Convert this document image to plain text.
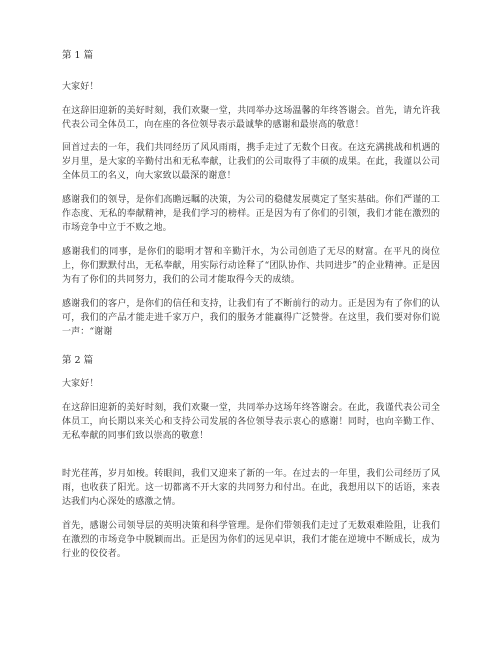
第 1 篇

大家好！

在这辞旧迎新的美好时刻，我们欢聚一堂，共同举办这场温馨的年终答谢会。首先，请允许我代表公司全体员工，向在座的各位领导表示最诚挚的感谢和最崇高的敬意！

回首过去的一年，我们共同经历了风风雨雨，携手走过了无数个日夜。在这充满挑战和机遇的岁月里，是大家的辛勤付出和无私奉献，让我们的公司取得了丰硕的成果。在此，我谨以公司全体员工的名义，向大家致以最深的谢意！

感谢我们的领导，是你们高瞻远瞩的决策，为公司的稳健发展奠定了坚实基础。你们严谨的工作态度、无私的奉献精神，是我们学习的榜样。正是因为有了你们的引领，我们才能在激烈的市场竞争中立于不败之地。

感谢我们的同事，是你们的聪明才智和辛勤汗水，为公司创造了无尽的财富。在平凡的岗位上，你们默默付出，无私奉献，用实际行动诠释了“团队协作、共同进步”的企业精神。正是因为有了你们的共同努力，我们的公司才能取得今天的成绩。

感谢我们的客户，是你们的信任和支持，让我们有了不断前行的动力。正是因为有了你们的认可，我们的产品才能走进千家万户，我们的服务才能赢得广泛赞誉。在这里，我们要对你们说一声：“谢谢

第 2 篇

大家好！

在这辞旧迎新的美好时刻，我们欢聚一堂，共同举办这场年终答谢会。在此，我谨代表公司全体员工，向长期以来关心和支持公司发展的各位领导表示衷心的感谢！同时，也向辛勤工作、无私奉献的同事们致以崇高的敬意！

时光荏苒，岁月如梭。转眼间，我们又迎来了新的一年。在过去的一年里，我们公司经历了风雨，也收获了阳光。这一切都离不开大家的共同努力和付出。在此，我想用以下的话语，来表达我们内心深处的感激之情。

首先，感谢公司领导层的英明决策和科学管理。是你们带领我们走过了无数艰难险阻，让我们在激烈的市场竞争中脱颖而出。正是因为你们的远见卓识，我们才能在逆境中不断成长，成为行业的佼佼者。
